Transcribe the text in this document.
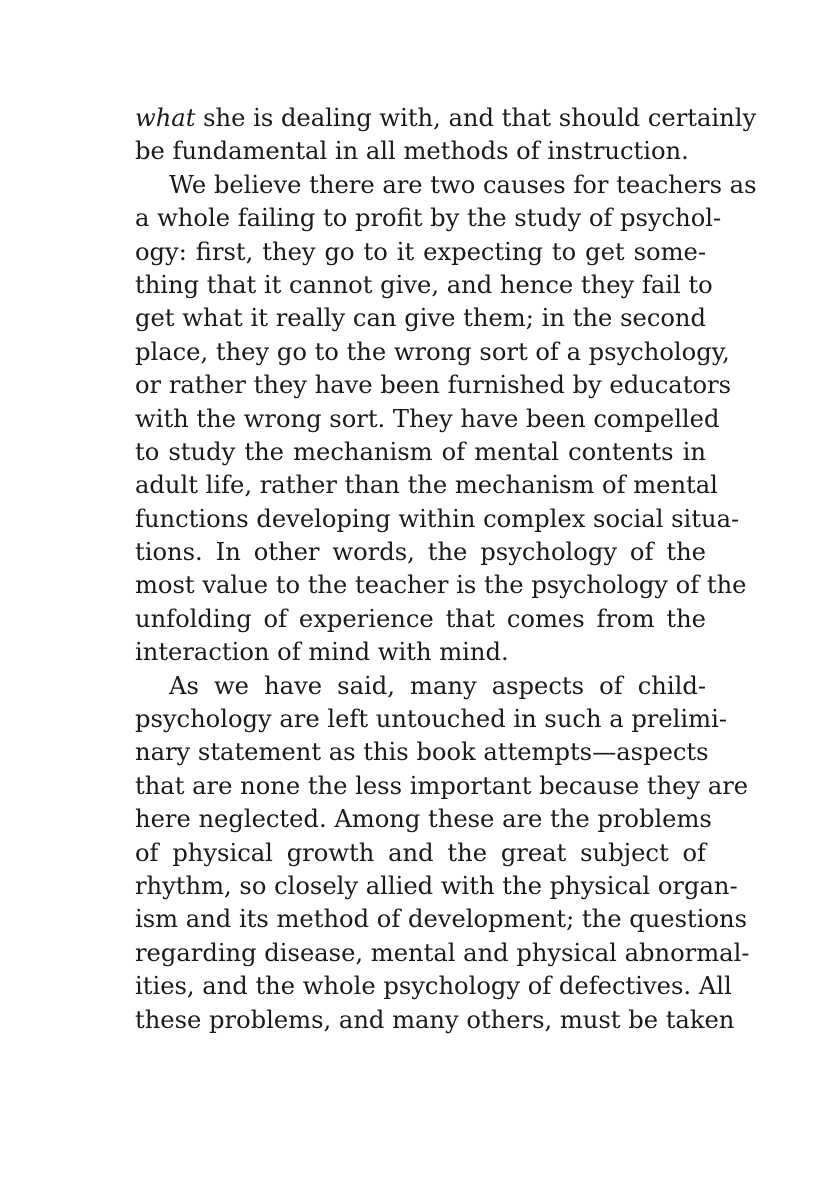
what she is dealing with, and that should certainly
be fundamental in all methods of instruction.
We believe there are two causes for teachers as
a whole failing to profit by the study of psychol-
ogy: first, they go to it expecting to get some-
thing that it cannot give, and hence they fail to
get what it really can give them; in the second
place, they go to the wrong sort of a psychology,
or rather they have been furnished by educators
with the wrong sort. They have been compelled
to study the mechanism of mental contents in
adult life, rather than the mechanism of mental
functions developing within complex social situa-
tions. In other words, the psychology of the
most value to the teacher is the psychology of the
unfolding of experience that comes from the
interaction of mind with mind.
As we have said, many aspects of child-
psychology are left untouched in such a prelimi-
nary statement as this book attempts—aspects
that are none the less important because they are
here neglected. Among these are the problems
of physical growth and the great subject of
rhythm, so closely allied with the physical organ-
ism and its method of development; the questions
regarding disease, mental and physical abnormal-
ities, and the whole psychology of defectives. All
these problems, and many others, must be taken
